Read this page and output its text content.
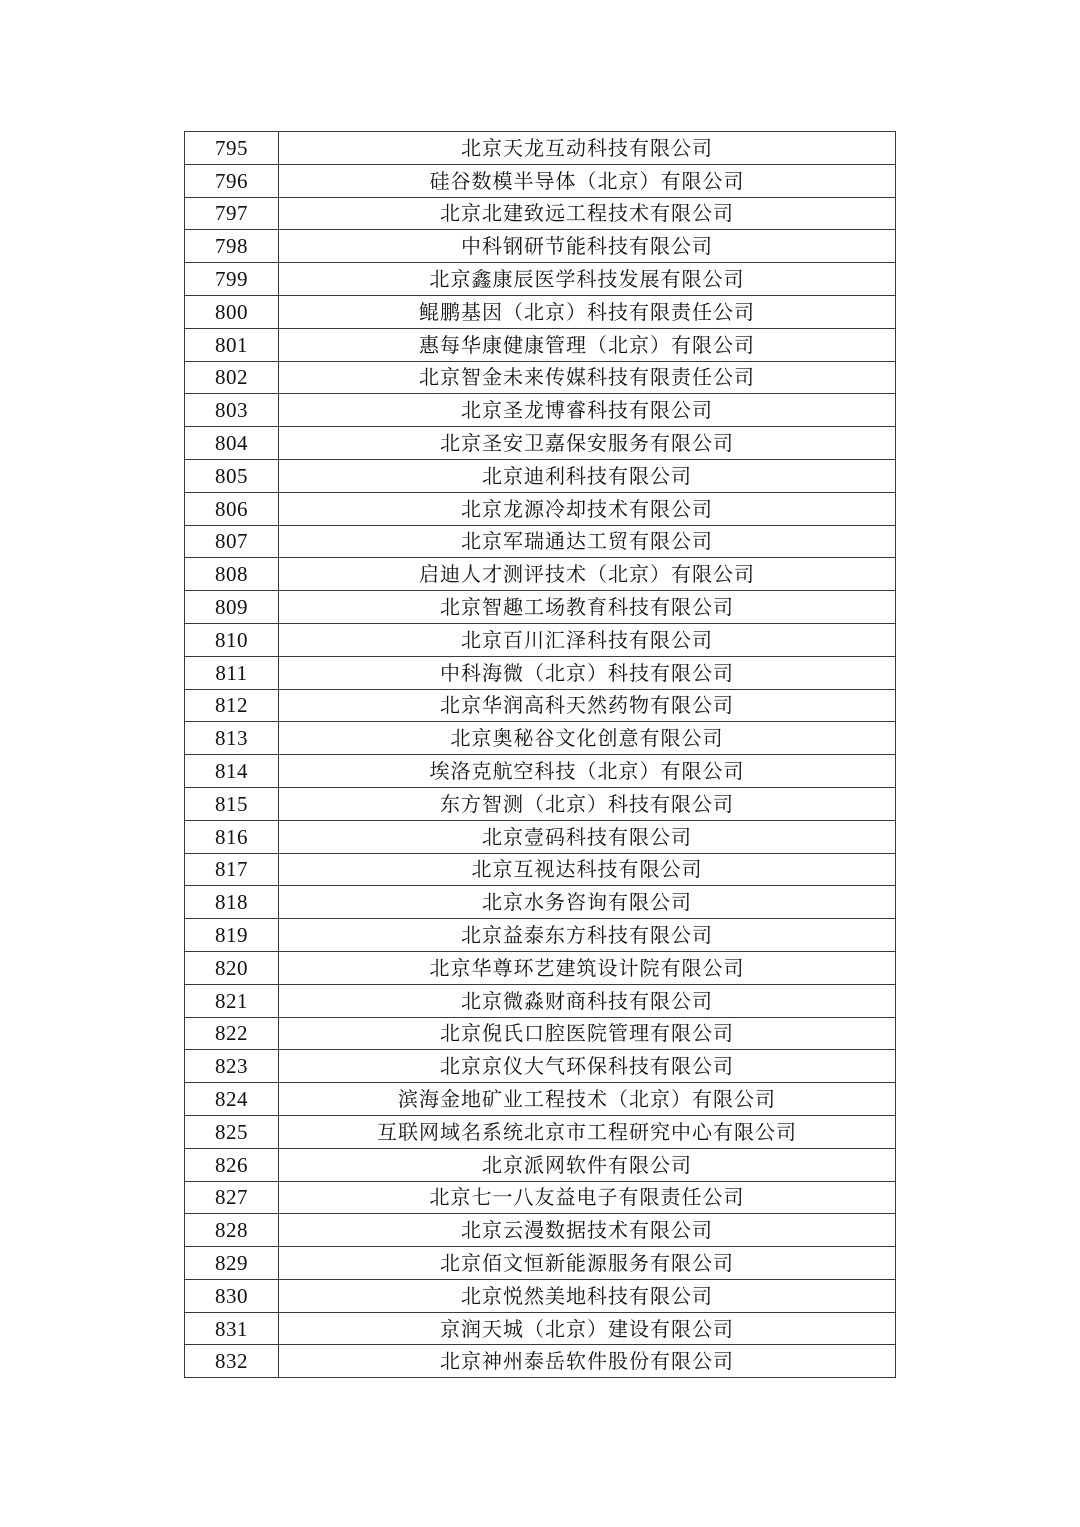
795	北京天龙互动科技有限公司
796	硅谷数模半导体（北京）有限公司
797	北京北建致远工程技术有限公司
798	中科钢研节能科技有限公司
799	北京鑫康辰医学科技发展有限公司
800	鲲鹏基因（北京）科技有限责任公司
801	惠每华康健康管理（北京）有限公司
802	北京智金未来传媒科技有限责任公司
803	北京圣龙博睿科技有限公司
804	北京圣安卫嘉保安服务有限公司
805	北京迪利科技有限公司
806	北京龙源冷却技术有限公司
807	北京军瑞通达工贸有限公司
808	启迪人才测评技术（北京）有限公司
809	北京智趣工场教育科技有限公司
810	北京百川汇泽科技有限公司
811	中科海微（北京）科技有限公司
812	北京华润高科天然药物有限公司
813	北京奥秘谷文化创意有限公司
814	埃洛克航空科技（北京）有限公司
815	东方智测（北京）科技有限公司
816	北京壹码科技有限公司
817	北京互视达科技有限公司
818	北京水务咨询有限公司
819	北京益泰东方科技有限公司
820	北京华尊环艺建筑设计院有限公司
821	北京微淼财商科技有限公司
822	北京倪氏口腔医院管理有限公司
823	北京京仪大气环保科技有限公司
824	滨海金地矿业工程技术（北京）有限公司
825	互联网域名系统北京市工程研究中心有限公司
826	北京派网软件有限公司
827	北京七一八友益电子有限责任公司
828	北京云漫数据技术有限公司
829	北京佰文恒新能源服务有限公司
830	北京悦然美地科技有限公司
831	京润天城（北京）建设有限公司
832	北京神州泰岳软件股份有限公司
